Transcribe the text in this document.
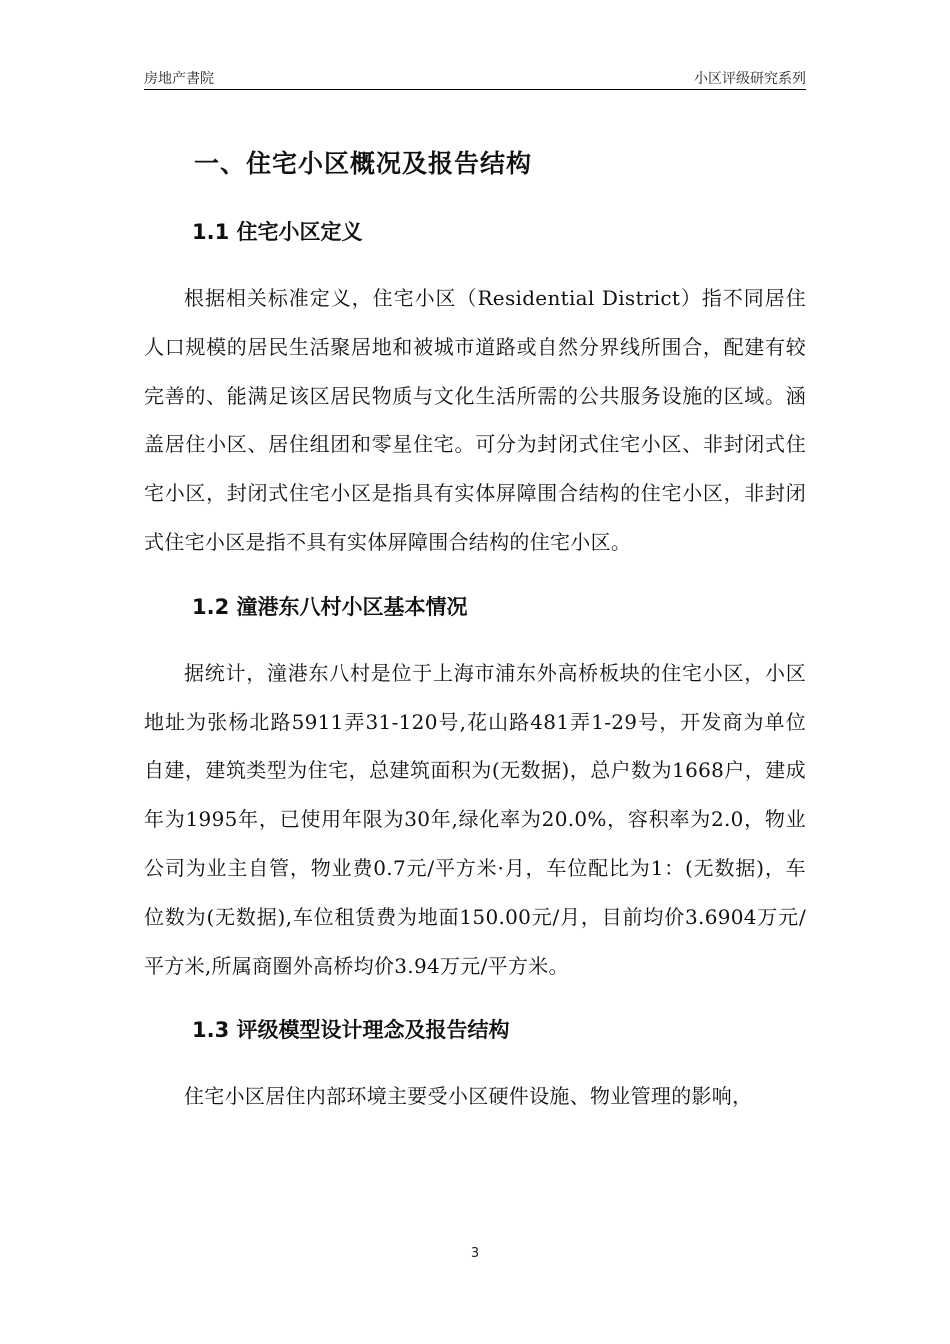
房地产書院	小区评级研究系列
一、住宅小区概况及报告结构
1.1 住宅小区定义

根据相关标准定义，住宅小区（Residential District）指不同居住人口规模的居民生活聚居地和被城市道路或自然分界线所围合，配建有较完善的、能满足该区居民物质与文化生活所需的公共服务设施的区域。涵盖居住小区、居住组团和零星住宅。可分为封闭式住宅小区、非封闭式住宅小区，封闭式住宅小区是指具有实体屏障围合结构的住宅小区，非封闭式住宅小区是指不具有实体屏障围合结构的住宅小区。

1.2 潼港东八村小区基本情况

据统计，潼港东八村是位于上海市浦东外高桥板块的住宅小区，小区地址为张杨北路5911弄31-120号,花山路481弄1-29号，开发商为单位自建，建筑类型为住宅，总建筑面积为(无数据)，总户数为1668户，建成年为1995年，已使用年限为30年,绿化率为20.0%，容积率为2.0，物业公司为业主自管，物业费0.7元/平方米·月，车位配比为1：(无数据)，车位数为(无数据),车位租赁费为地面150.00元/月，目前均价3.6904万元/平方米,所属商圈外高桥均价3.94万元/平方米。

1.3 评级模型设计理念及报告结构

住宅小区居住内部环境主要受小区硬件设施、物业管理的影响，

3
